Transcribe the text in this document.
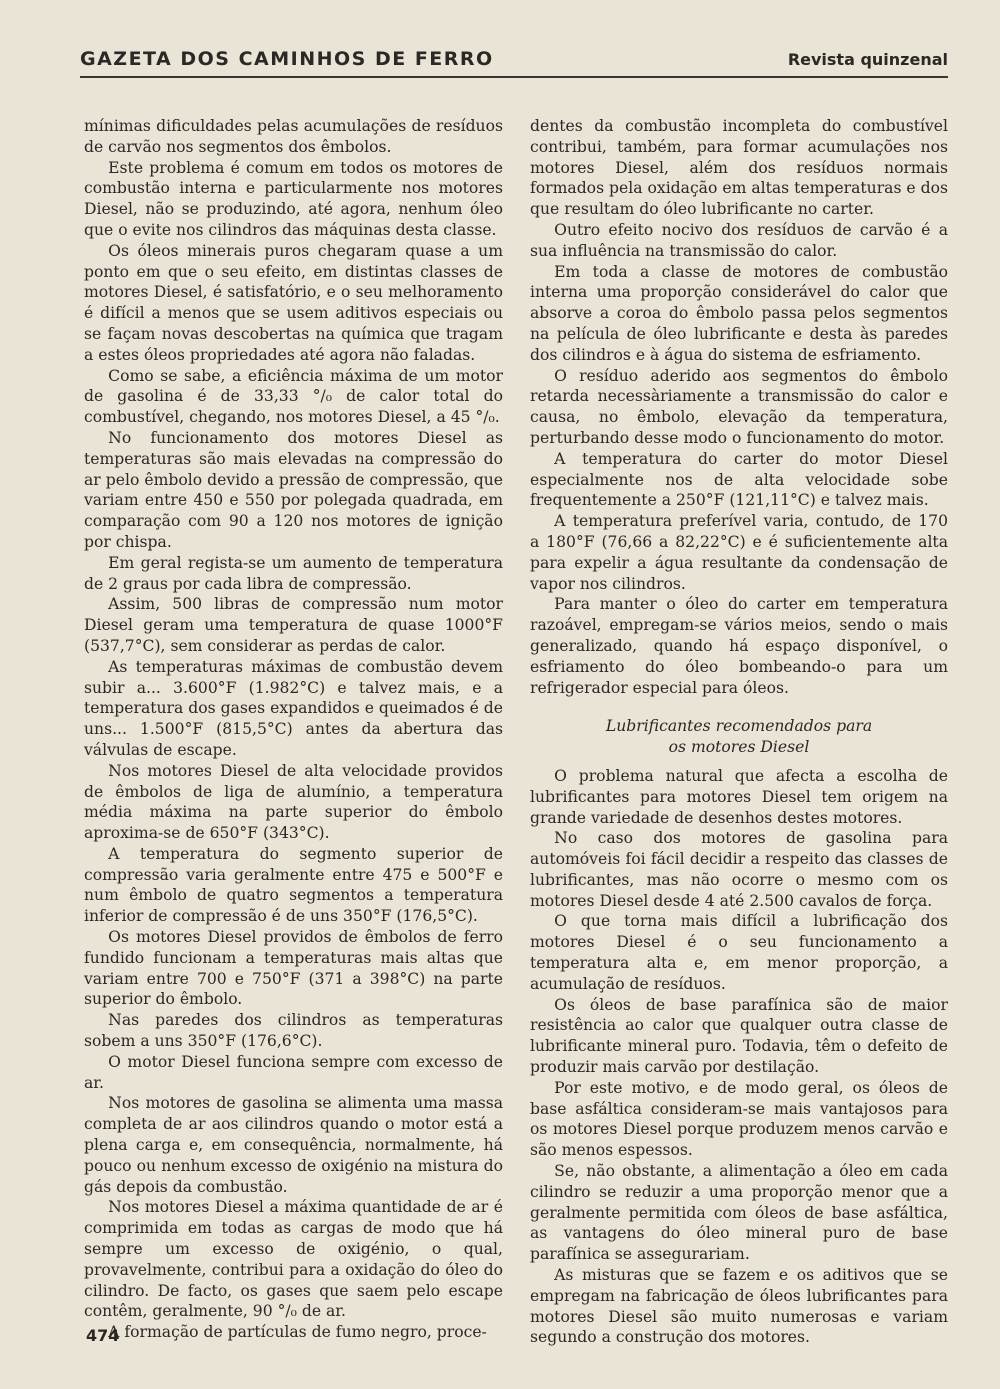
GAZETA DOS CAMINHOS DE FERRO	Revista quinzenal

mínimas dificuldades pelas acumulações de resíduos de carvão nos segmentos dos êmbolos.

Este problema é comum em todos os motores de combustão interna e particularmente nos motores Diesel, não se produzindo, até agora, nenhum óleo que o evite nos cilindros das máquinas desta classe.

Os óleos minerais puros chegaram quase a um ponto em que o seu efeito, em distintas classes de motores Diesel, é satisfatório, e o seu melhoramento é difícil a menos que se usem aditivos especiais ou se façam novas descobertas na química que tragam a estes óleos propriedades até agora não faladas.

Como se sabe, a eficiência máxima de um motor de gasolina é de 33,33 °/₀ de calor total do combustível, chegando, nos motores Diesel, a 45 °/₀.

No funcionamento dos motores Diesel as temperaturas são mais elevadas na compressão do ar pelo êmbolo devido a pressão de compressão, que variam entre 450 e 550 por polegada quadrada, em comparação com 90 a 120 nos motores de ignição por chispa.

Em geral regista-se um aumento de temperatura de 2 graus por cada libra de compressão.

Assim, 500 libras de compressão num motor Diesel geram uma temperatura de quase 1000°F (537,7°C), sem considerar as perdas de calor.

As temperaturas máximas de combustão devem subir a... 3.600°F (1.982°C) e talvez mais, e a temperatura dos gases expandidos e queimados é de uns... 1.500°F (815,5°C) antes da abertura das válvulas de escape.

Nos motores Diesel de alta velocidade providos de êmbolos de liga de alumínio, a temperatura média máxima na parte superior do êmbolo aproxima-se de 650°F (343°C).

A temperatura do segmento superior de compressão varia geralmente entre 475 e 500°F e num êmbolo de quatro segmentos a temperatura inferior de compressão é de uns 350°F (176,5°C).

Os motores Diesel providos de êmbolos de ferro fundido funcionam a temperaturas mais altas que variam entre 700 e 750°F (371 a 398°C) na parte superior do êmbolo.

Nas paredes dos cilindros as temperaturas sobem a uns 350°F (176,6°C).

O motor Diesel funciona sempre com excesso de ar.

Nos motores de gasolina se alimenta uma massa completa de ar aos cilindros quando o motor está a plena carga e, em consequência, normalmente, há pouco ou nenhum excesso de oxigénio na mistura do gás depois da combustão.

Nos motores Diesel a máxima quantidade de ar é comprimida em todas as cargas de modo que há sempre um excesso de oxigénio, o qual, provavelmente, contribui para a oxidação do óleo do cilindro. De facto, os gases que saem pelo escape contêm, geralmente, 90 °/₀ de ar.

A formação de partículas de fumo negro, proce-

dentes da combustão incompleta do combustível contribui, também, para formar acumulações nos motores Diesel, além dos resíduos normais formados pela oxidação em altas temperaturas e dos que resultam do óleo lubrificante no carter.

Outro efeito nocivo dos resíduos de carvão é a sua influência na transmissão do calor.

Em toda a classe de motores de combustão interna uma proporção considerável do calor que absorve a coroa do êmbolo passa pelos segmentos na película de óleo lubrificante e desta às paredes dos cilindros e à água do sistema de esfriamento.

O resíduo aderido aos segmentos do êmbolo retarda necessàriamente a transmissão do calor e causa, no êmbolo, elevação da temperatura, perturbando desse modo o funcionamento do motor.

A temperatura do carter do motor Diesel especialmente nos de alta velocidade sobe frequentemente a 250°F (121,11°C) e talvez mais.

A temperatura preferível varia, contudo, de 170 a 180°F (76,66 a 82,22°C) e é suficientemente alta para expelir a água resultante da condensação de vapor nos cilindros.

Para manter o óleo do carter em temperatura razoável, empregam-se vários meios, sendo o mais generalizado, quando há espaço disponível, o esfriamento do óleo bombeando-o para um refrigerador especial para óleos.

Lubrificantes recomendados para
os motores Diesel

O problema natural que afecta a escolha de lubrificantes para motores Diesel tem origem na grande variedade de desenhos destes motores.

No caso dos motores de gasolina para automóveis foi fácil decidir a respeito das classes de lubrificantes, mas não ocorre o mesmo com os motores Diesel desde 4 até 2.500 cavalos de força.

O que torna mais difícil a lubrificação dos motores Diesel é o seu funcionamento a temperatura alta e, em menor proporção, a acumulação de resíduos.

Os óleos de base parafínica são de maior resistência ao calor que qualquer outra classe de lubrificante mineral puro. Todavia, têm o defeito de produzir mais carvão por destilação.

Por este motivo, e de modo geral, os óleos de base asfáltica consideram-se mais vantajosos para os motores Diesel porque produzem menos carvão e são menos espessos.

Se, não obstante, a alimentação a óleo em cada cilindro se reduzir a uma proporção menor que a geralmente permitida com óleos de base asfáltica, as vantagens do óleo mineral puro de base parafínica se assegurariam.

As misturas que se fazem e os aditivos que se empregam na fabricação de óleos lubrificantes para motores Diesel são muito numerosas e variam segundo a construção dos motores.

474
